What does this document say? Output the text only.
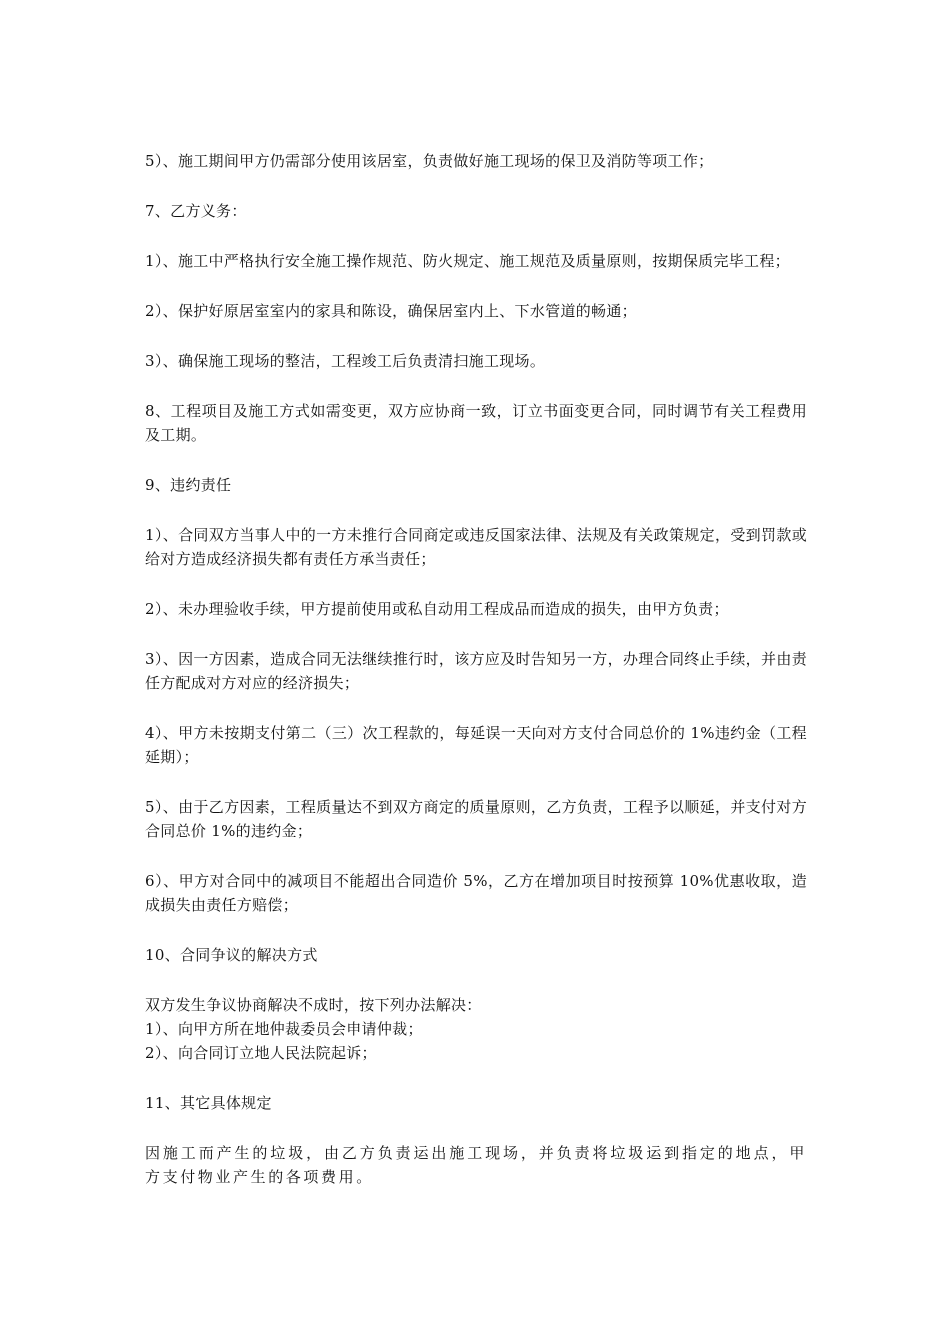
5）、施工期间甲方仍需部分使用该居室，负责做好施工现场的保卫及消防等项工作；

7、乙方义务：

1）、施工中严格执行安全施工操作规范、防火规定、施工规范及质量原则，按期保质完毕工程；

2）、保护好原居室室内的家具和陈设，确保居室内上、下水管道的畅通；

3）、确保施工现场的整洁，工程竣工后负责清扫施工现场。

8、工程项目及施工方式如需变更，双方应协商一致，订立书面变更合同，同时调节有关工程费用及工期。

9、违约责任

1）、合同双方当事人中的一方未推行合同商定或违反国家法律、法规及有关政策规定，受到罚款或给对方造成经济损失都有责任方承当责任；

2）、未办理验收手续，甲方提前使用或私自动用工程成品而造成的损失，由甲方负责；

3）、因一方因素，造成合同无法继续推行时，该方应及时告知另一方，办理合同终止手续，并由责任方配成对方对应的经济损失；

4）、甲方未按期支付第二（三）次工程款的，每延误一天向对方支付合同总价的 1%违约金（工程延期）；

5）、由于乙方因素，工程质量达不到双方商定的质量原则，乙方负责，工程予以顺延，并支付对方合同总价 1%的违约金；

6）、甲方对合同中的减项目不能超出合同造价 5%，乙方在增加项目时按预算 10%优惠收取，造成损失由责任方赔偿；

10、合同争议的解决方式

双方发生争议协商解决不成时，按下列办法解决：

1）、向甲方所在地仲裁委员会申请仲裁；

2）、向合同订立地人民法院起诉；

11、其它具体规定

因施工而产生的垃圾，由乙方负责运出施工现场，并负责将垃圾运到指定的地点，甲方支付物业产生的各项费用。
